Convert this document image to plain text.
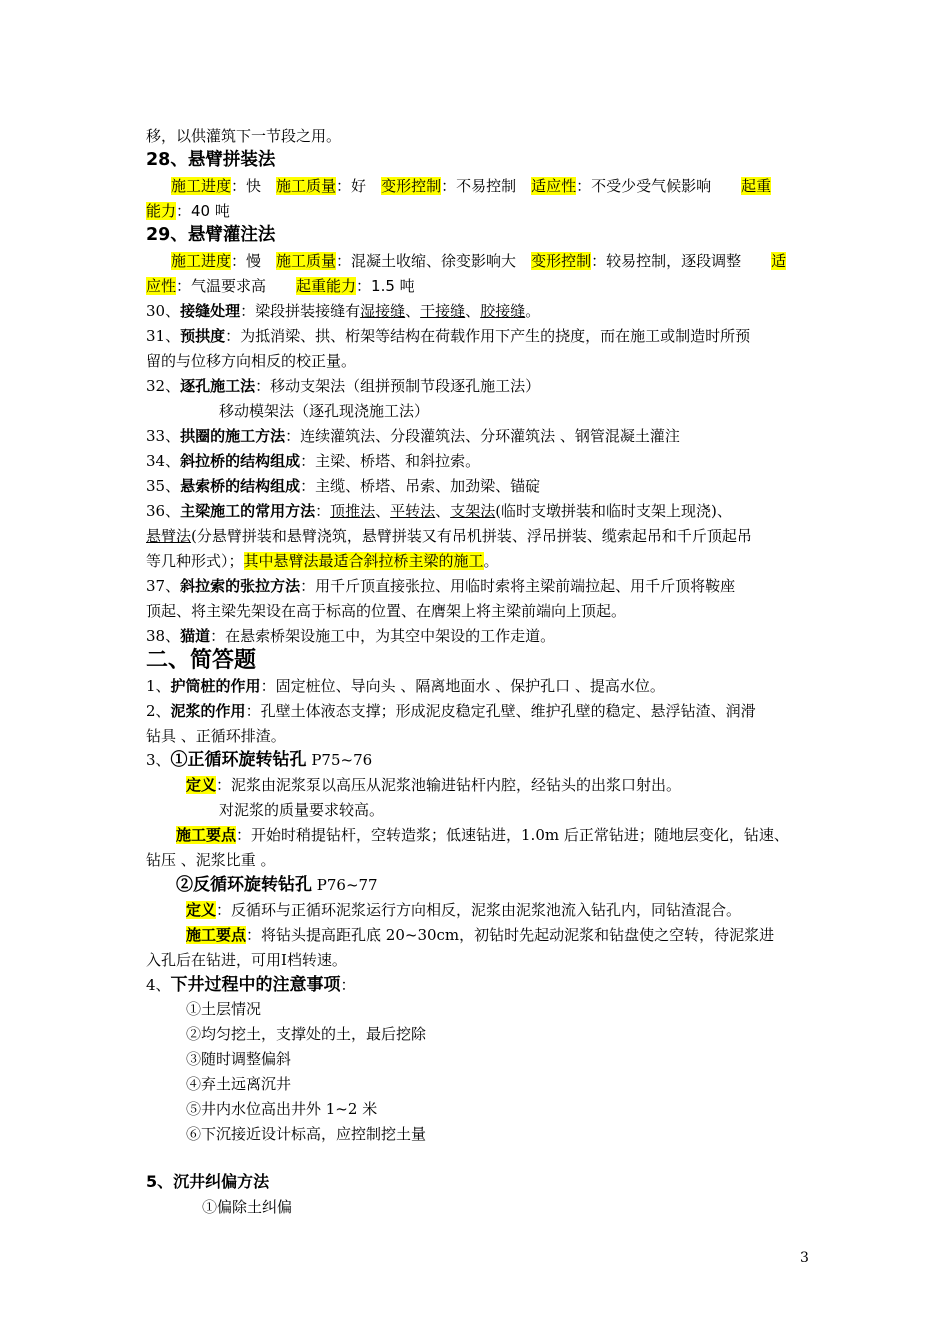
移，以供灌筑下一节段之用。
28、悬臂拼装法
施工进度：快　施工质量：好　变形控制：不易控制　适应性：不受少受气候影响　　起重
能力：40 吨
29、悬臂灌注法
施工进度：慢　施工质量：混凝土收缩、徐变影响大　变形控制：较易控制，逐段调整　　适
应性：气温要求高　　起重能力：1.5 吨
30、接缝处理：梁段拼装接缝有湿接缝、干接缝、胶接缝。
31、预拱度：为抵消梁、拱、桁架等结构在荷载作用下产生的挠度，而在施工或制造时所预
留的与位移方向相反的校正量。
32、逐孔施工法：移动支架法（组拼预制节段逐孔施工法）
移动模架法（逐孔现浇施工法）
33、拱圈的施工方法：连续灌筑法、分段灌筑法、分环灌筑法 、钢管混凝土灌注
34、斜拉桥的结构组成：主梁、桥塔、和斜拉索。
35、悬索桥的结构组成：主缆、桥塔、吊索、加劲梁、锚碇
36、主梁施工的常用方法：顶推法、平转法、支架法(临时支墩拼装和临时支架上现浇)、
悬臂法(分悬臂拼装和悬臂浇筑，悬臂拼装又有吊机拼装、浮吊拼装、缆索起吊和千斤顶起吊
等几种形式）；其中悬臂法最适合斜拉桥主梁的施工。
37、斜拉索的张拉方法：用千斤顶直接张拉、用临时索将主梁前端拉起、用千斤顶将鞍座
顶起、将主梁先架设在高于标高的位置、在膺架上将主梁前端向上顶起。
38、猫道：在悬索桥架设施工中，为其空中架设的工作走道。
二、简答题
1、护筒桩的作用：固定桩位、导向头 、隔离地面水 、保护孔口 、提高水位。
2、泥浆的作用：孔壁土体液态支撑；形成泥皮稳定孔壁、维护孔壁的稳定、悬浮钻渣、润滑
钻具 、正循环排渣。
3、①正循环旋转钻孔 P75~76
定义：泥浆由泥浆泵以高压从泥浆池输进钻杆内腔，经钻头的出浆口射出。
对泥浆的质量要求较高。
施工要点：开始时稍提钻杆，空转造浆；低速钻进，1.0m 后正常钻进；随地层变化，钻速、
钻压 、泥浆比重 。
②反循环旋转钻孔 P76~77
定义：反循环与正循环泥浆运行方向相反，泥浆由泥浆池流入钻孔内，同钻渣混合。
施工要点：将钻头提高距孔底 20~30cm，初钻时先起动泥浆和钻盘使之空转，待泥浆进
入孔后在钻进，可用Ⅰ档转速。
4、下井过程中的注意事项：
①土层情况
②均匀挖土，支撑处的土，最后挖除
③随时调整偏斜
④弃土远离沉井
⑤井内水位高出井外 1~2 米
⑥下沉接近设计标高，应控制挖土量
5、沉井纠偏方法
①偏除土纠偏
3
